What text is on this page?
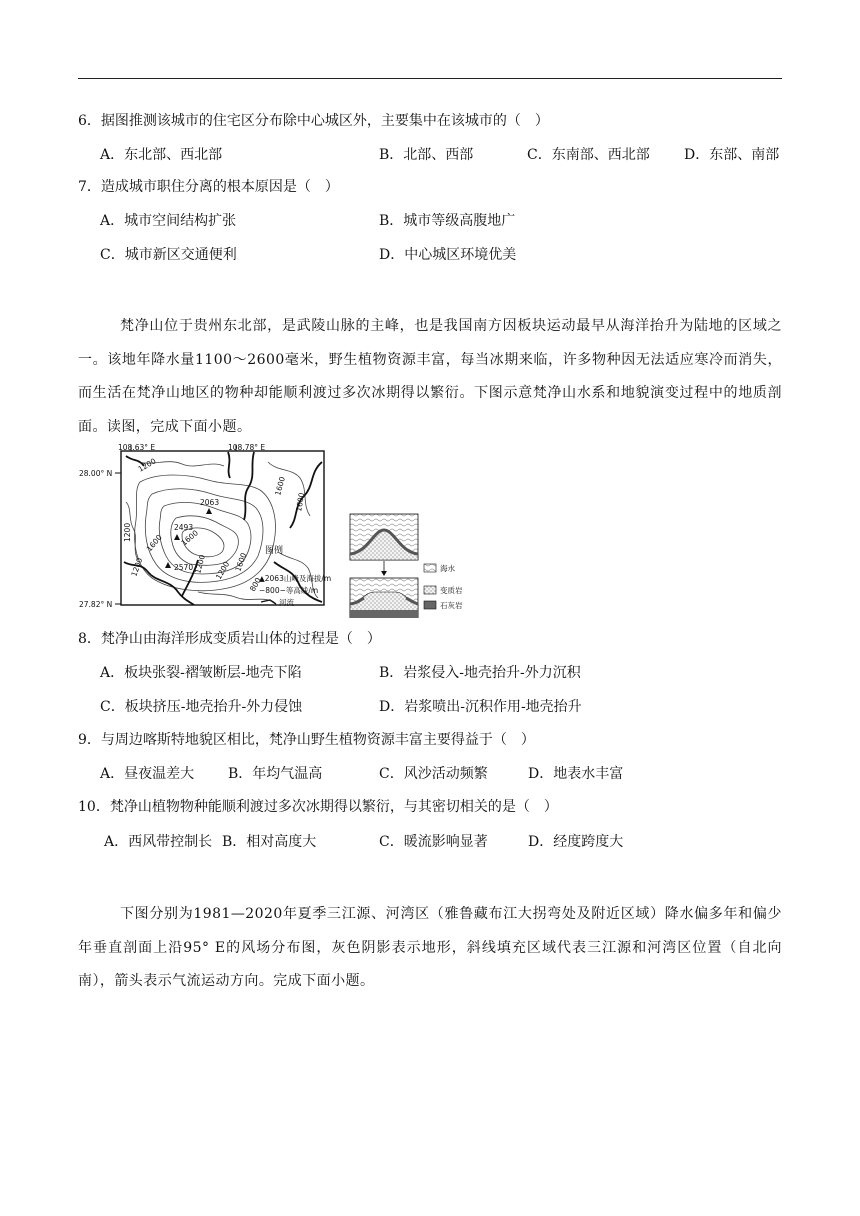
6．据图推测该城市的住宅区分布除中心城区外，主要集中在该城市的（　）
A．东北部、西北部	B．北部、西部	C．东南部、西北部 D．东部、南部
7．造成城市职住分离的根本原因是（　）
A．城市空间结构扩张	B．城市等级高腹地广
C．城市新区交通便利	D．中心城区环境优美

梵净山位于贵州东北部，是武陵山脉的主峰，也是我国南方因板块运动最早从海洋抬升为陆地的区域之一。该地年降水量1100～2600毫米，野生植物资源丰富，每当冰期来临，许多物种因无法适应寒冷而消失，而生活在梵净山地区的物种却能顺利渡过多次冰期得以繁衍。下图示意梵净山水系和地貌演变过程中的地质剖面。读图，完成下面小题。

108.63° E	108.78° E
28.00° N
27.82° N
2493
2063
2570
1200
1600
1600
1200
1600 1600
800
1200	1200	1600
1200
图例
▲2063山峰及海拔/m
−800−等高线/m
河流
海水
变质岩
石灰岩
8．梵净山由海洋形成变质岩山体的过程是（　）
A．板块张裂-褶皱断层-地壳下陷	B．岩浆侵入-地壳抬升-外力沉积
C．板块挤压-地壳抬升-外力侵蚀	D．岩浆喷出-沉积作用-地壳抬升
9．与周边喀斯特地貌区相比，梵净山野生植物资源丰富主要得益于（　）
A．昼夜温差大 B．年均气温高	C．风沙活动频繁	D．地表水丰富
10．梵净山植物物种能顺利渡过多次冰期得以繁衍，与其密切相关的是（　）
A．西风带控制长 B．相对高度大	C．暖流影响显著	D．经度跨度大

下图分别为1981—2020年夏季三江源、河湾区（雅鲁藏布江大拐弯处及附近区域）降水偏多年和偏少年垂直剖面上沿95° E的风场分布图，灰色阴影表示地形，斜线填充区域代表三江源和河湾区位置（自北向南），箭头表示气流运动方向。完成下面小题。
